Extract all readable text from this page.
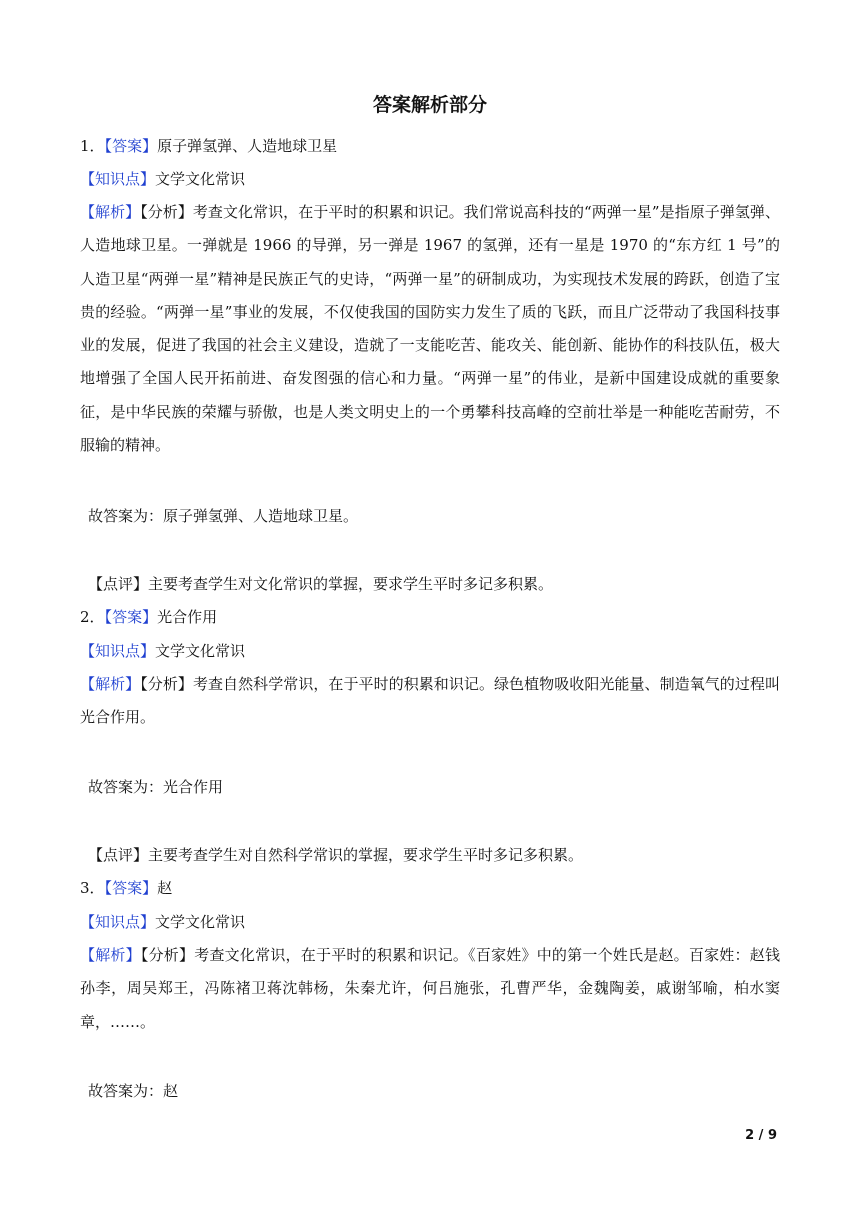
答案解析部分
1．【答案】原子弹氢弹、人造地球卫星
【知识点】文学文化常识
【解析】【分析】考查文化常识，在于平时的积累和识记。我们常说高科技的“两弹一星”是指原子弹氢弹、人造地球卫星。一弹就是 1966 的导弹，另一弹是 1967 的氢弹，还有一星是 1970 的“东方红 1 号”的人造卫星“两弹一星”精神是民族正气的史诗，“两弹一星”的研制成功，为实现技术发展的跨跃，创造了宝贵的经验。“两弹一星”事业的发展，不仅使我国的国防实力发生了质的飞跃，而且广泛带动了我国科技事业的发展，促进了我国的社会主义建设，造就了一支能吃苦、能攻关、能创新、能协作的科技队伍，极大地增强了全国人民开拓前进、奋发图强的信心和力量。“两弹一星”的伟业，是新中国建设成就的重要象征，是中华民族的荣耀与骄傲，也是人类文明史上的一个勇攀科技高峰的空前壮举是一种能吃苦耐劳，不服输的精神。
故答案为：原子弹氢弹、人造地球卫星。
【点评】主要考查学生对文化常识的掌握，要求学生平时多记多积累。
2．【答案】光合作用
【知识点】文学文化常识
【解析】【分析】考查自然科学常识，在于平时的积累和识记。绿色植物吸收阳光能量、制造氧气的过程叫光合作用。
故答案为：光合作用
【点评】主要考查学生对自然科学常识的掌握，要求学生平时多记多积累。
3．【答案】赵
【知识点】文学文化常识
【解析】【分析】考查文化常识，在于平时的积累和识记。《百家姓》中的第一个姓氏是赵。百家姓：赵钱孙李，周吴郑王，冯陈褚卫蒋沈韩杨，朱秦尤许，何吕施张，孔曹严华，金魏陶姜，戚谢邹喻，柏水窦章，……。
故答案为：赵
2 / 9
